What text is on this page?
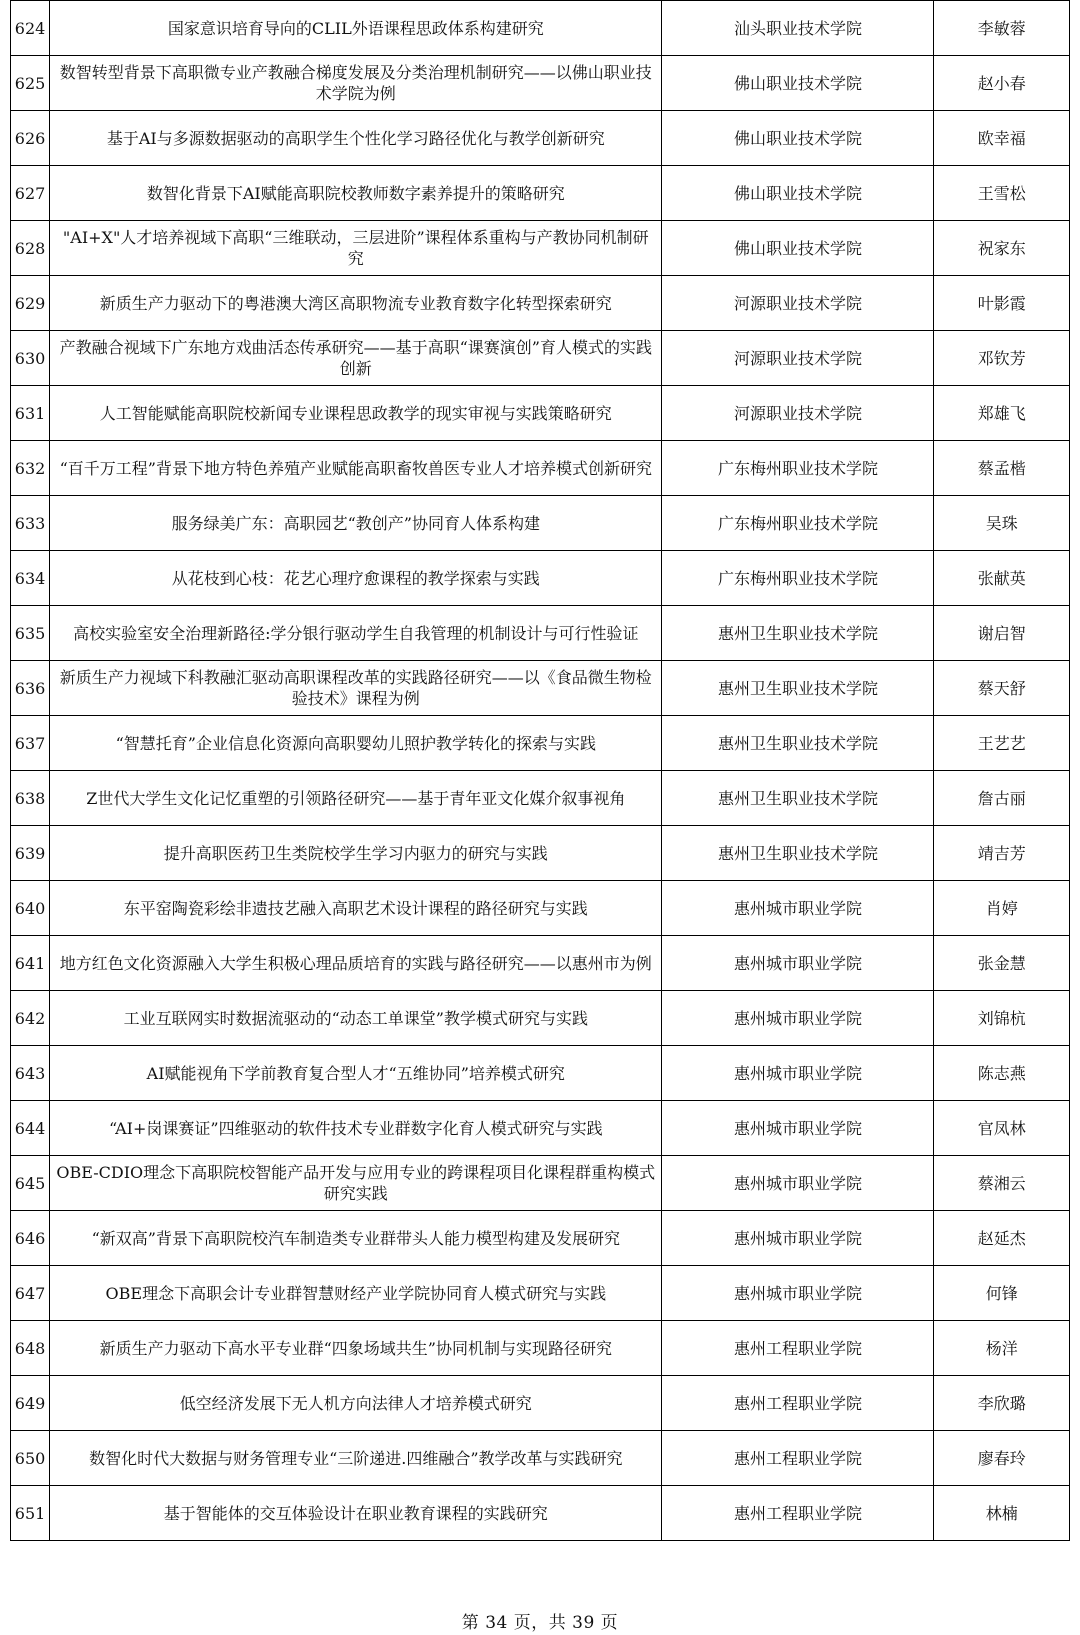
624	国家意识培育导向的CLIL外语课程思政体系构建研究	汕头职业技术学院	李敏蓉
625	数智转型背景下高职微专业产教融合梯度发展及分类治理机制研究——以佛山职业技术学院为例	佛山职业技术学院	赵小春
626	基于AI与多源数据驱动的高职学生个性化学习路径优化与教学创新研究	佛山职业技术学院	欧幸福
627	数智化背景下AI赋能高职院校教师数字素养提升的策略研究	佛山职业技术学院	王雪松
628	"AI+X"人才培养视域下高职“三维联动，三层进阶”课程体系重构与产教协同机制研究	佛山职业技术学院	祝家东
629	新质生产力驱动下的粤港澳大湾区高职物流专业教育数字化转型探索研究	河源职业技术学院	叶影霞
630	产教融合视域下广东地方戏曲活态传承研究——基于高职“课赛演创”育人模式的实践创新	河源职业技术学院	邓钦芳
631	人工智能赋能高职院校新闻专业课程思政教学的现实审视与实践策略研究	河源职业技术学院	郑雄飞
632	“百千万工程”背景下地方特色养殖产业赋能高职畜牧兽医专业人才培养模式创新研究	广东梅州职业技术学院	蔡孟楷
633	服务绿美广东：高职园艺“教创产”协同育人体系构建	广东梅州职业技术学院	吴珠
634	从花枝到心枝：花艺心理疗愈课程的教学探索与实践	广东梅州职业技术学院	张献英
635	高校实验室安全治理新路径:学分银行驱动学生自我管理的机制设计与可行性验证	惠州卫生职业技术学院	谢启智
636	新质生产力视域下科教融汇驱动高职课程改革的实践路径研究——以《食品微生物检验技术》课程为例	惠州卫生职业技术学院	蔡天舒
637	“智慧托育”企业信息化资源向高职婴幼儿照护教学转化的探索与实践	惠州卫生职业技术学院	王艺艺
638	Z世代大学生文化记忆重塑的引领路径研究——基于青年亚文化媒介叙事视角	惠州卫生职业技术学院	詹古丽
639	提升高职医药卫生类院校学生学习内驱力的研究与实践	惠州卫生职业技术学院	靖吉芳
640	东平窑陶瓷彩绘非遗技艺融入高职艺术设计课程的路径研究与实践	惠州城市职业学院	肖婷
641	地方红色文化资源融入大学生积极心理品质培育的实践与路径研究——以惠州市为例	惠州城市职业学院	张金慧
642	工业互联网实时数据流驱动的“动态工单课堂”教学模式研究与实践	惠州城市职业学院	刘锦杭
643	AI赋能视角下学前教育复合型人才“五维协同”培养模式研究	惠州城市职业学院	陈志燕
644	“AI+岗课赛证”四维驱动的软件技术专业群数字化育人模式研究与实践	惠州城市职业学院	官凤林
645	OBE-CDIO理念下高职院校智能产品开发与应用专业的跨课程项目化课程群重构模式研究实践	惠州城市职业学院	蔡湘云
646	“新双高”背景下高职院校汽车制造类专业群带头人能力模型构建及发展研究	惠州城市职业学院	赵延杰
647	OBE理念下高职会计专业群智慧财经产业学院协同育人模式研究与实践	惠州城市职业学院	何锋
648	新质生产力驱动下高水平专业群“四象场域共生”协同机制与实现路径研究	惠州工程职业学院	杨洋
649	低空经济发展下无人机方向法律人才培养模式研究	惠州工程职业学院	李欣璐
650	数智化时代大数据与财务管理专业“三阶递进.四维融合”教学改革与实践研究	惠州工程职业学院	廖春玲
651	基于智能体的交互体验设计在职业教育课程的实践研究	惠州工程职业学院	林楠
第 34 页，共 39 页
